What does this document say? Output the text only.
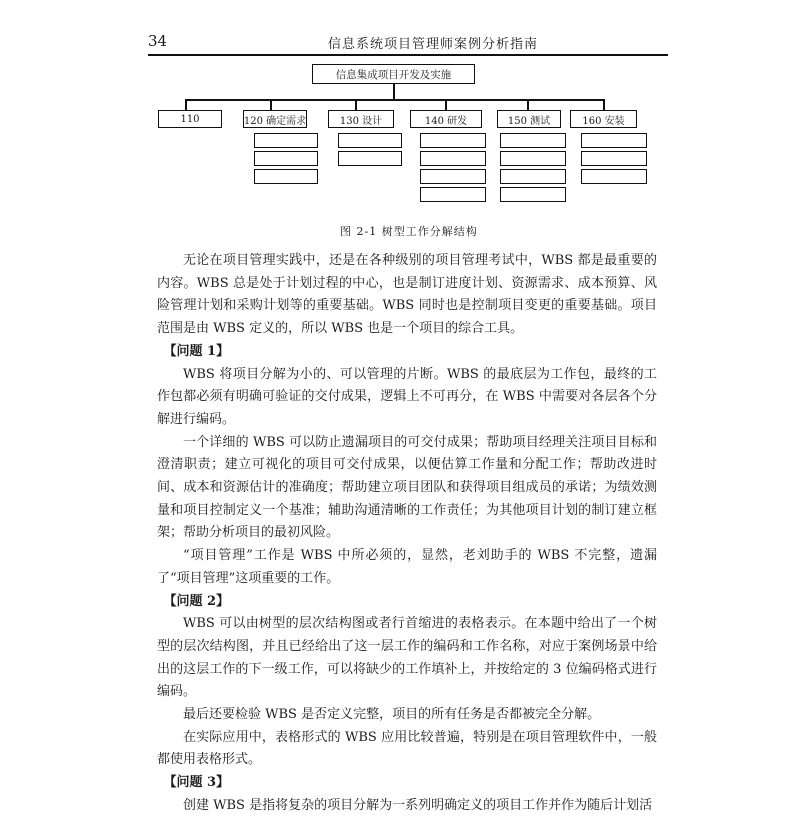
34	信息系统项目管理师案例分析指南
信息集成项目开发及实施
110	120 确定需求	130 设计	140 研发	150 测试	160 安装
图 2-1 树型工作分解结构

无论在项目管理实践中，还是在各种级别的项目管理考试中，WBS 都是最重要的内容。WBS 总是处于计划过程的中心，也是制订进度计划、资源需求、成本预算、风险管理计划和采购计划等的重要基础。WBS 同时也是控制项目变更的重要基础。项目范围是由 WBS 定义的，所以 WBS 也是一个项目的综合工具。

【问题 1】

WBS 将项目分解为小的、可以管理的片断。WBS 的最底层为工作包，最终的工作包都必须有明确可验证的交付成果，逻辑上不可再分，在 WBS 中需要对各层各个分解进行编码。

一个详细的 WBS 可以防止遗漏项目的可交付成果；帮助项目经理关注项目目标和澄清职责；建立可视化的项目可交付成果，以便估算工作量和分配工作；帮助改进时间、成本和资源估计的准确度；帮助建立项目团队和获得项目组成员的承诺；为绩效测量和项目控制定义一个基准；辅助沟通清晰的工作责任；为其他项目计划的制订建立框架；帮助分析项目的最初风险。

“项目管理”工作是 WBS 中所必须的，显然，老刘助手的 WBS 不完整，遗漏了“项目管理”这项重要的工作。

【问题 2】

WBS 可以由树型的层次结构图或者行首缩进的表格表示。在本题中给出了一个树型的层次结构图，并且已经给出了这一层工作的编码和工作名称，对应于案例场景中给出的这层工作的下一级工作，可以将缺少的工作填补上，并按给定的 3 位编码格式进行编码。

最后还要检验 WBS 是否定义完整，项目的所有任务是否都被完全分解。

在实际应用中，表格形式的 WBS 应用比较普遍，特别是在项目管理软件中，一般都使用表格形式。

【问题 3】

创建 WBS 是指将复杂的项目分解为一系列明确定义的项目工作并作为随后计划活
